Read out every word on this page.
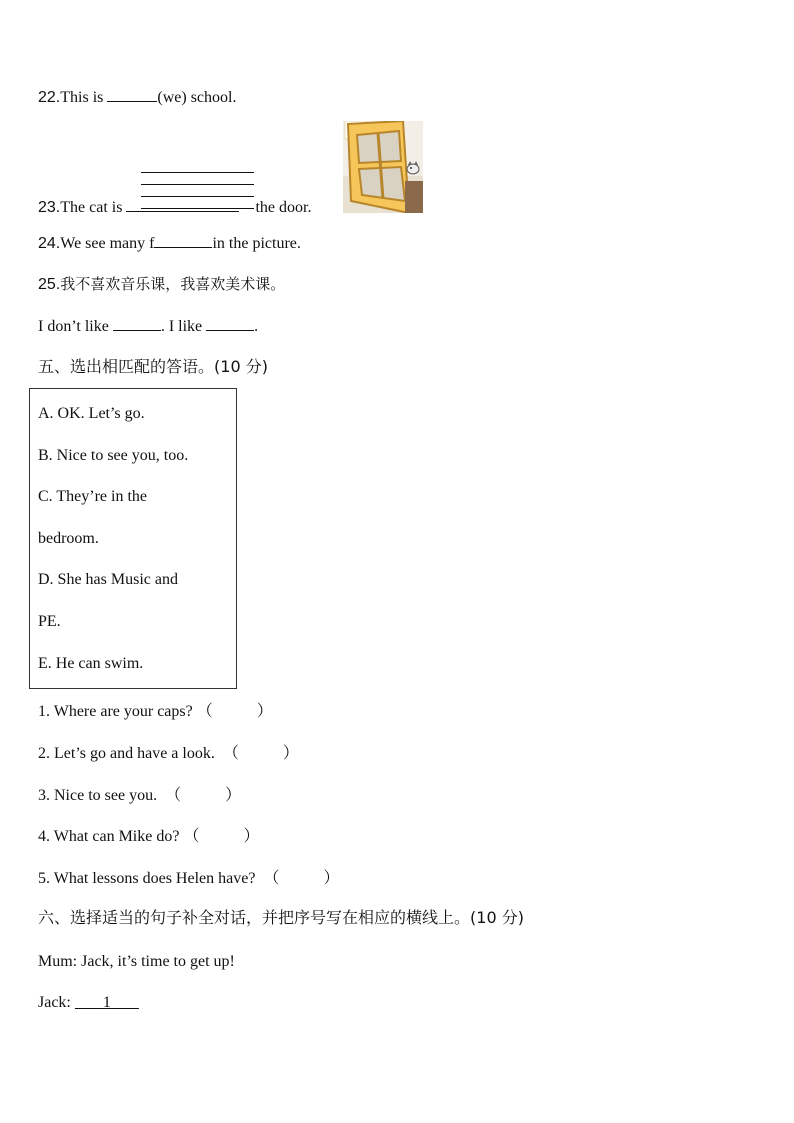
22.This is	(we) school.
23.The cat is	the door.
24.We see many f	in the picture.
25.我不喜欢音乐课，我喜欢美术课。
I don’t like	. I like	.
五、选出相匹配的答语。(10 分)
A. OK. Let’s go.
B. Nice to see you, too.
C. They’re in the
bedroom.
D. She has Music and
PE.
E. He can swim.
1. Where are your caps? （	）
2. Let’s go and have a look. （	）
3. Nice to see you. （	）
4. What can Mike do? （	）
5. What lessons does Helen have? （	）
六、选择适当的句子补全对话，并把序号写在相应的横线上。(10 分)
Mum: Jack, it’s time to get up!
Jack:        1
